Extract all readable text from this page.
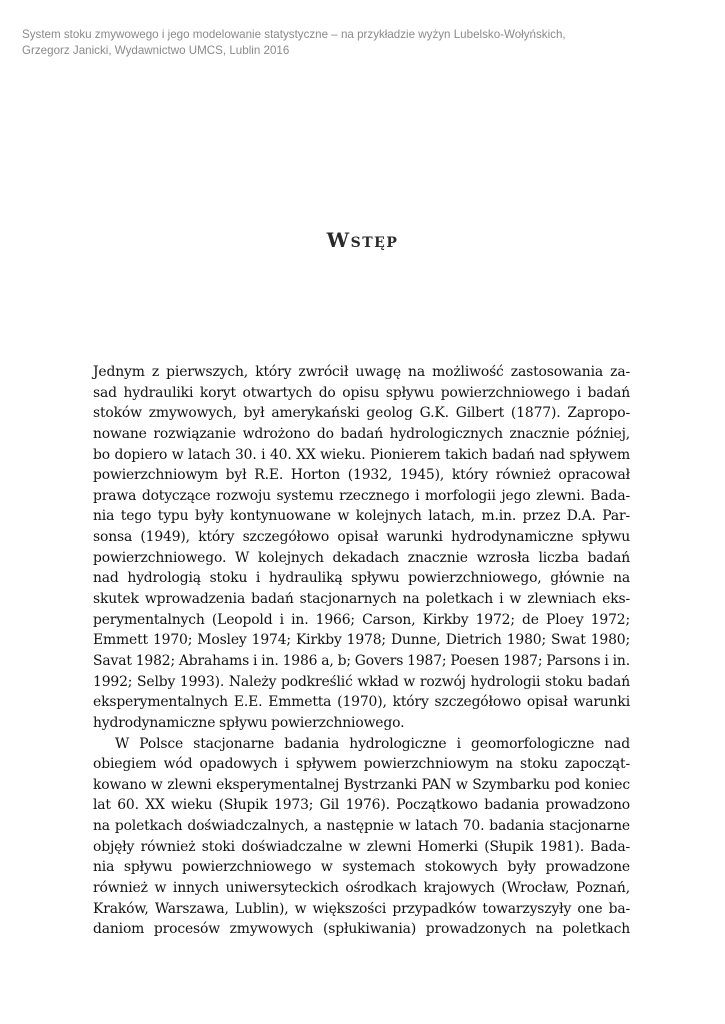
System stoku zmywowego i jego modelowanie statystyczne – na przykładzie wyżyn Lubelsko-Wołyńskich,
Grzegorz Janicki, Wydawnictwo UMCS, Lublin 2016
Wstęp
Jednym z pierwszych, który zwrócił uwagę na możliwość zastosowania za-
sad hydrauliki koryt otwartych do opisu spływu powierzchniowego i badań
stoków zmywowych, był amerykański geolog G.K. Gilbert (1877). Zapropo-
nowane rozwiązanie wdrożono do badań hydrologicznych znacznie później,
bo dopiero w latach 30. i 40. XX wieku. Pionierem takich badań nad spływem
powierzchniowym był R.E. Horton (1932, 1945), który również opracował
prawa dotyczące rozwoju systemu rzecznego i morfologii jego zlewni. Bada-
nia tego typu były kontynuowane w kolejnych latach, m.in. przez D.A. Par-
sonsa (1949), który szczegółowo opisał warunki hydrodynamiczne spływu
powierzchniowego. W kolejnych dekadach znacznie wzrosła liczba badań
nad hydrologią stoku i hydrauliką spływu powierzchniowego, głównie na
skutek wprowadzenia badań stacjonarnych na poletkach i w zlewniach eks-
perymentalnych (Leopold i in. 1966; Carson, Kirkby 1972; de Ploey 1972;
Emmett 1970; Mosley 1974; Kirkby 1978; Dunne, Dietrich 1980; Swat 1980;
Savat 1982; Abrahams i in. 1986 a, b; Govers 1987; Poesen 1987; Parsons i in.
1992; Selby 1993). Należy podkreślić wkład w rozwój hydrologii stoku badań
eksperymentalnych E.E. Emmetta (1970), który szczegółowo opisał warunki
hydrodynamiczne spływu powierzchniowego.
W Polsce stacjonarne badania hydrologiczne i geomorfologiczne nad
obiegiem wód opadowych i spływem powierzchniowym na stoku zapocząt-
kowano w zlewni eksperymentalnej Bystrzanki PAN w Szymbarku pod koniec
lat 60. XX wieku (Słupik 1973; Gil 1976). Początkowo badania prowadzono
na poletkach doświadczalnych, a następnie w latach 70. badania stacjonarne
objęły również stoki doświadczalne w zlewni Homerki (Słupik 1981). Bada-
nia spływu powierzchniowego w systemach stokowych były prowadzone
również w innych uniwersyteckich ośrodkach krajowych (Wrocław, Poznań,
Kraków, Warszawa, Lublin), w większości przypadków towarzyszyły one ba-
daniom procesów zmywowych (spłukiwania) prowadzonych na poletkach
